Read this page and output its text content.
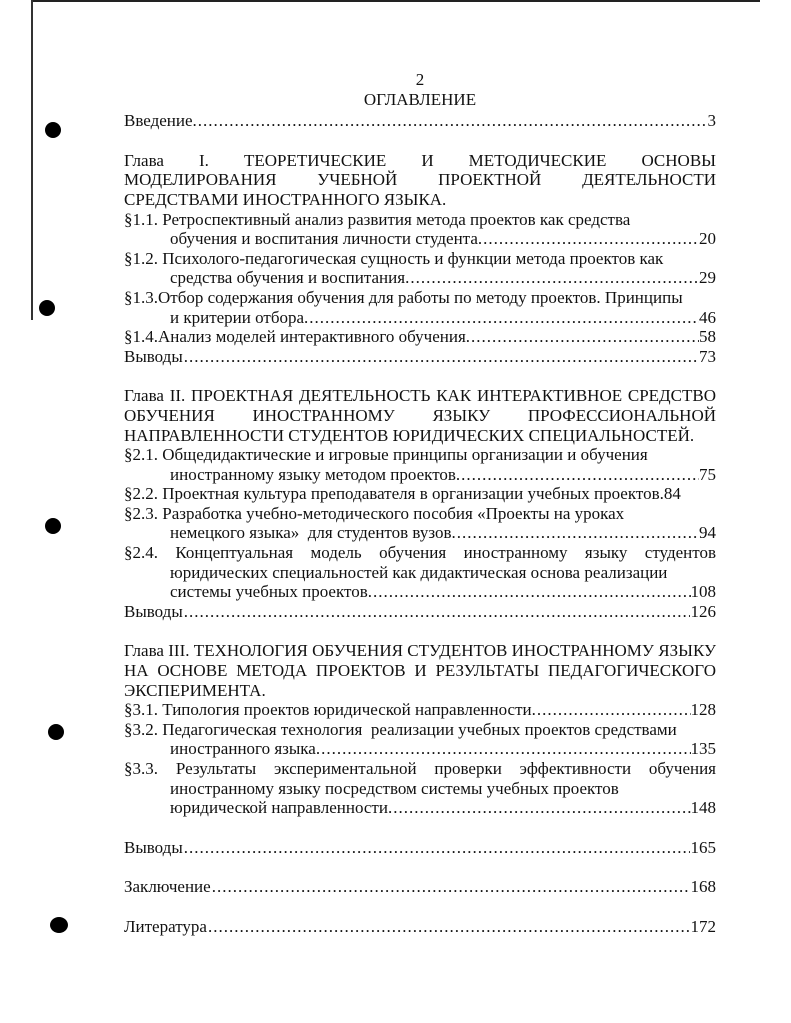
2
ОГЛАВЛЕНИЕ
Введение. .....	3
Глава I. ТЕОРЕТИЧЕСКИЕ И МЕТОДИЧЕСКИЕ ОСНОВЫ МОДЕЛИРОВАНИЯ УЧЕБНОЙ ПРОЕКТНОЙ ДЕЯТЕЛЬНОСТИ СРЕДСТВАМИ ИНОСТРАННОГО ЯЗЫКА.
§1.1. Ретроспективный анализ развития метода проектов как средства
обучения и воспитания личности студента .....	20
§1.2. Психолого-педагогическая сущность и функции метода проектов как
средства обучения и воспитания .....	29
§1.3.Отбор содержания обучения для работы по методу проектов. Принципы
и критерии отбора .....	46
§1.4. Анализ моделей интерактивного обучения .....	58
Выводы .....	73
Глава II. ПРОЕКТНАЯ ДЕЯТЕЛЬНОСТЬ КАК ИНТЕРАКТИВНОЕ СРЕДСТВО ОБУЧЕНИЯ ИНОСТРАННОМУ ЯЗЫКУ ПРОФЕССИОНАЛЬНОЙ НАПРАВЛЕННОСТИ СТУДЕНТОВ ЮРИДИЧЕСКИХ СПЕЦИАЛЬНОСТЕЙ.
§2.1. Общедидактические и игровые принципы организации и обучения
иностранному языку методом проектов .....	75
§2.2.
Проектная культура преподавателя в организации учебных проектов. 84
§2.3. Разработка учебно-методического пособия «Проекты на уроках
немецкого языка»  для студентов вузов .....	94
§2.4. Концептуальная модель обучения иностранному языку студентов юридических специальностей как дидактическая основа реализации
системы учебных проектов .....	108
Выводы .....	126
Глава III. ТЕХНОЛОГИЯ ОБУЧЕНИЯ СТУДЕНТОВ ИНОСТРАННОМУ ЯЗЫКУ НА ОСНОВЕ МЕТОДА ПРОЕКТОВ И РЕЗУЛЬТАТЫ ПЕДАГОГИЧЕСКОГО ЭКСПЕРИМЕНТА.
§3.1.
Типология проектов юридической направленности .....	128
§3.2. Педагогическая технология  реализации учебных проектов средствами
иностранного языка .....	135
§3.3. Результаты экспериментальной проверки эффективности обучения иностранному языку посредством системы учебных проектов
юридической направленности .....	148
Выводы .....	165
Заключение .....	168
Литература .....	172
